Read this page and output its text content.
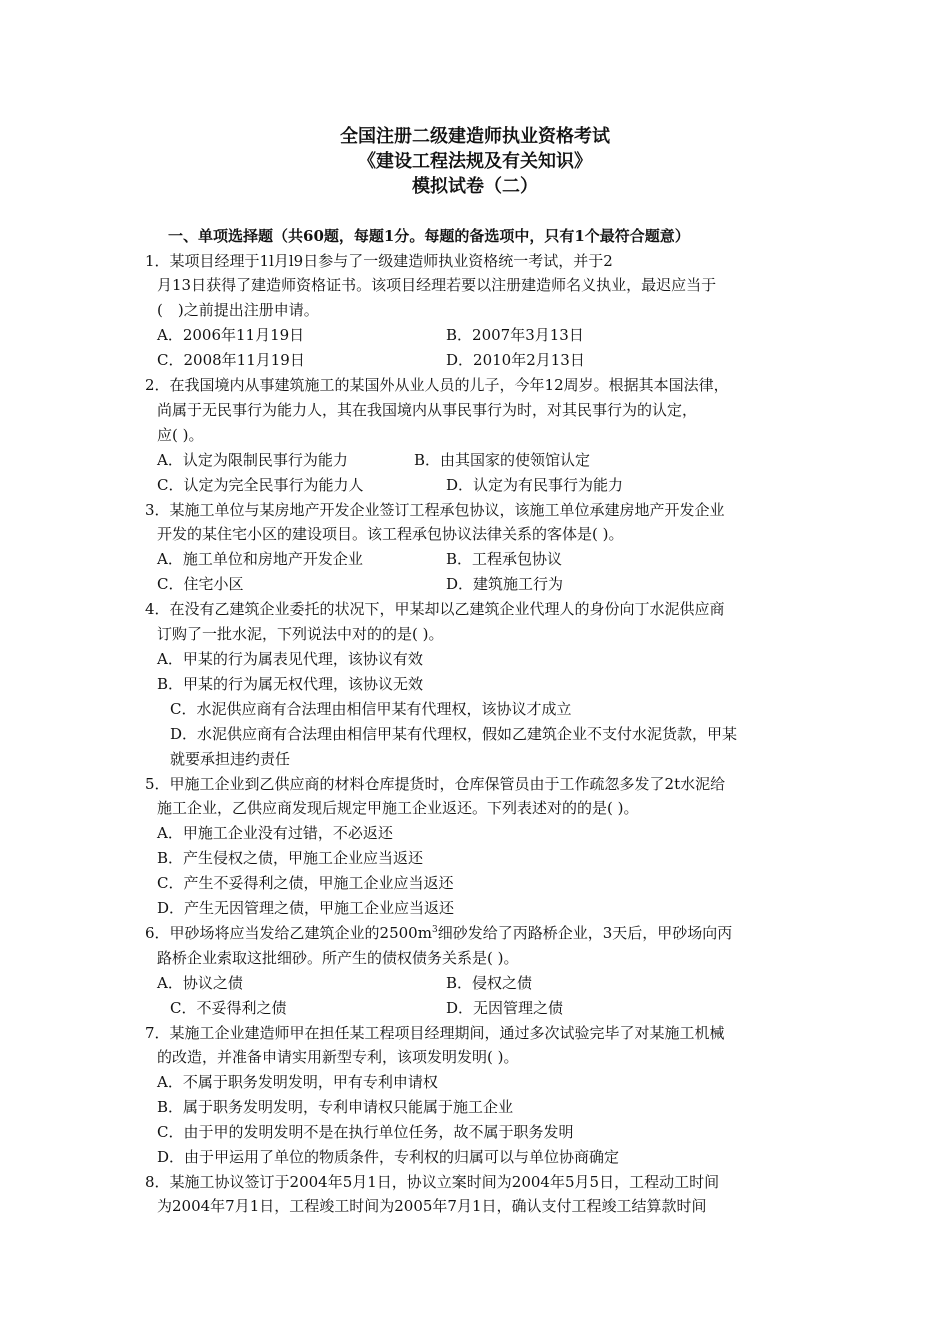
全国注册二级建造师执业资格考试
《建设工程法规及有关知识》
模拟试卷（二）
一、单项选择题（共60题，每题1分。每题的备选项中，只有1个最符合题意）
1．某项目经理于1l月l9日参与了一级建造师执业资格统一考试，并于2
月13日获得了建造师资格证书。该项目经理若要以注册建造师名义执业，最迟应当于
(　)之前提出注册申请。
A．2006年11月19日	B．2007年3月13日
C．2008年11月19日	D．2010年2月13日
2．在我国境内从事建筑施工的某国外从业人员的儿子，今年12周岁。根据其本国法律，
尚属于无民事行为能力人，其在我国境内从事民事行为时，对其民事行为的认定，
应( )。
A．认定为限制民事行为能力	B．由其国家的使领馆认定
C．认定为完全民事行为能力人	D．认定为有民事行为能力
3．某施工单位与某房地产开发企业签订工程承包协议，该施工单位承建房地产开发企业
开发的某住宅小区的建设项目。该工程承包协议法律关系的客体是( )。
A．施工单位和房地产开发企业	B．工程承包协议
C．住宅小区	D．建筑施工行为
4．在没有乙建筑企业委托的状况下，甲某却以乙建筑企业代理人的身份向丁水泥供应商
订购了一批水泥，下列说法中对的的是( )。
A．甲某的行为属表见代理，该协议有效
B．甲某的行为属无权代理，该协议无效
C．水泥供应商有合法理由相信甲某有代理权，该协议才成立
D．水泥供应商有合法理由相信甲某有代理权，假如乙建筑企业不支付水泥货款，甲某
就要承担违约责任
5．甲施工企业到乙供应商的材料仓库提货时，仓库保管员由于工作疏忽多发了2t水泥给
施工企业，乙供应商发现后规定甲施工企业返还。下列表述对的的是( )。
A．甲施工企业没有过错，不必返还
B．产生侵权之债，甲施工企业应当返还
C．产生不妥得利之债，甲施工企业应当返还
D．产生无因管理之债，甲施工企业应当返还
6．甲砂场将应当发给乙建筑企业的$2500m^3$细砂发给了丙路桥企业，3天后，甲砂场向丙
路桥企业索取这批细砂。所产生的债权债务关系是( )。
A．协议之债	B．侵权之债
C．不妥得利之债	D．无因管理之债
7．某施工企业建造师甲在担任某工程项目经理期间，通过多次试验完毕了对某施工机械
的改造，并准备申请实用新型专利，该项发明发明( )。
A．不属于职务发明发明，甲有专利申请权
B．属于职务发明发明，专利申请权只能属于施工企业
C．由于甲的发明发明不是在执行单位任务，故不属于职务发明
D．由于甲运用了单位的物质条件，专利权的归属可以与单位协商确定
8．某施工协议签订于2004年5月1日，协议立案时间为2004年5月5日，工程动工时间
为2004年7月1日，工程竣工时间为2005年7月1日，确认支付工程竣工结算款时间
